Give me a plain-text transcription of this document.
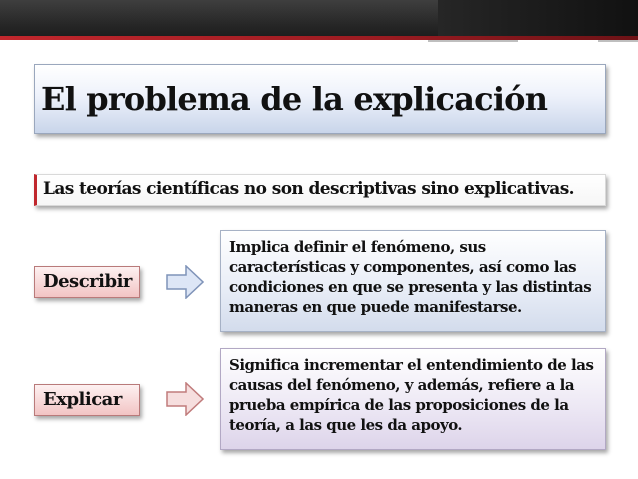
El problema de la explicación
Las teorías científicas no son descriptivas sino explicativas.
Describir
Implica definir el fenómeno, sus características y componentes, así como las condiciones en que se presenta y las distintas maneras en que puede manifestarse.
Explicar
Significa incrementar el entendimiento de las causas del fenómeno, y además, refiere a la prueba empírica de las proposiciones de la teoría, a las que les da apoyo.
